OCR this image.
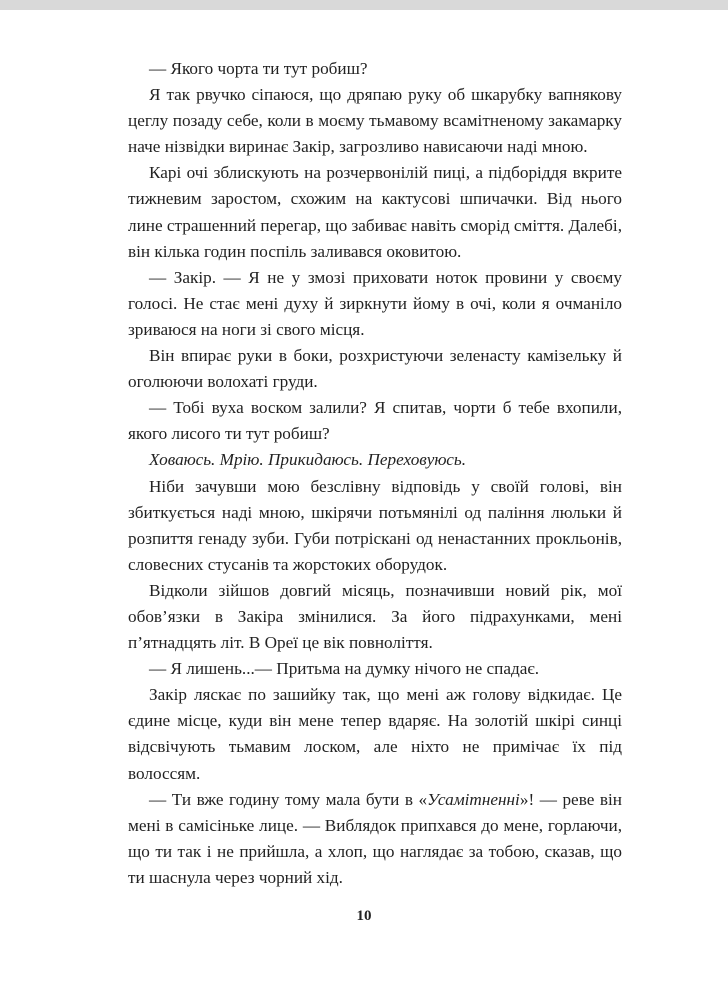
— Якого чорта ти тут робиш?

Я так рвучко сіпаюся, що дряпаю руку об шкарубку вапнякову цеглу позаду себе, коли в моєму тьмавому всамітненому закамарку наче нізвідки виринає Закір, загрозливо нависаючи наді мною.

Карі очі зблискують на розчервонілій пиці, а підборіддя вкрите тижневим заростом, схожим на кактусові шпичачки. Від нього лине страшенний перегар, що забиває навіть сморід сміття. Далебі, він кілька годин поспіль заливався оковитою.

— Закір. — Я не у змозі приховати ноток провини у своєму голосі. Не стає мені духу й зиркнути йому в очі, коли я очманіло зриваюся на ноги зі свого місця.

Він впирає руки в боки, розхристуючи зеленасту камізельку й оголюючи волохаті груди.

— Тобі вуха воском залили? Я спитав, чорти б тебе вхопили, якого лисого ти тут робиш?

Ховаюсь. Мрію. Прикидаюсь. Переховуюсь.

Ніби зачувши мою безслівну відповідь у своїй голові, він збиткується наді мною, шкірячи потьмянілі од паління люльки й розпиття генаду зуби. Губи потріскані од ненастанних прокльонів, словесних стусанів та жорстоких оборудок.

Відколи зійшов довгий місяць, позначивши новий рік, мої обов’язки в Закіра змінилися. За його підрахунками, мені п’ятнадцять літ. В Ореї це вік повноліття.

— Я лишень...— Притьма на думку нічого не спадає.

Закір ляскає по зашийку так, що мені аж голову відкидає. Це єдине місце, куди він мене тепер вдаряє. На золотій шкірі синці відсвічують тьмавим лоском, але ніхто не примічає їх під волоссям.

— Ти вже годину тому мала бути в «Усамітненні»! — реве він мені в самісіньке лице. — Виблядок припхався до мене, горлаючи, що ти так і не прийшла, а хлоп, що наглядає за тобою, сказав, що ти шаснула через чорний хід.

10
